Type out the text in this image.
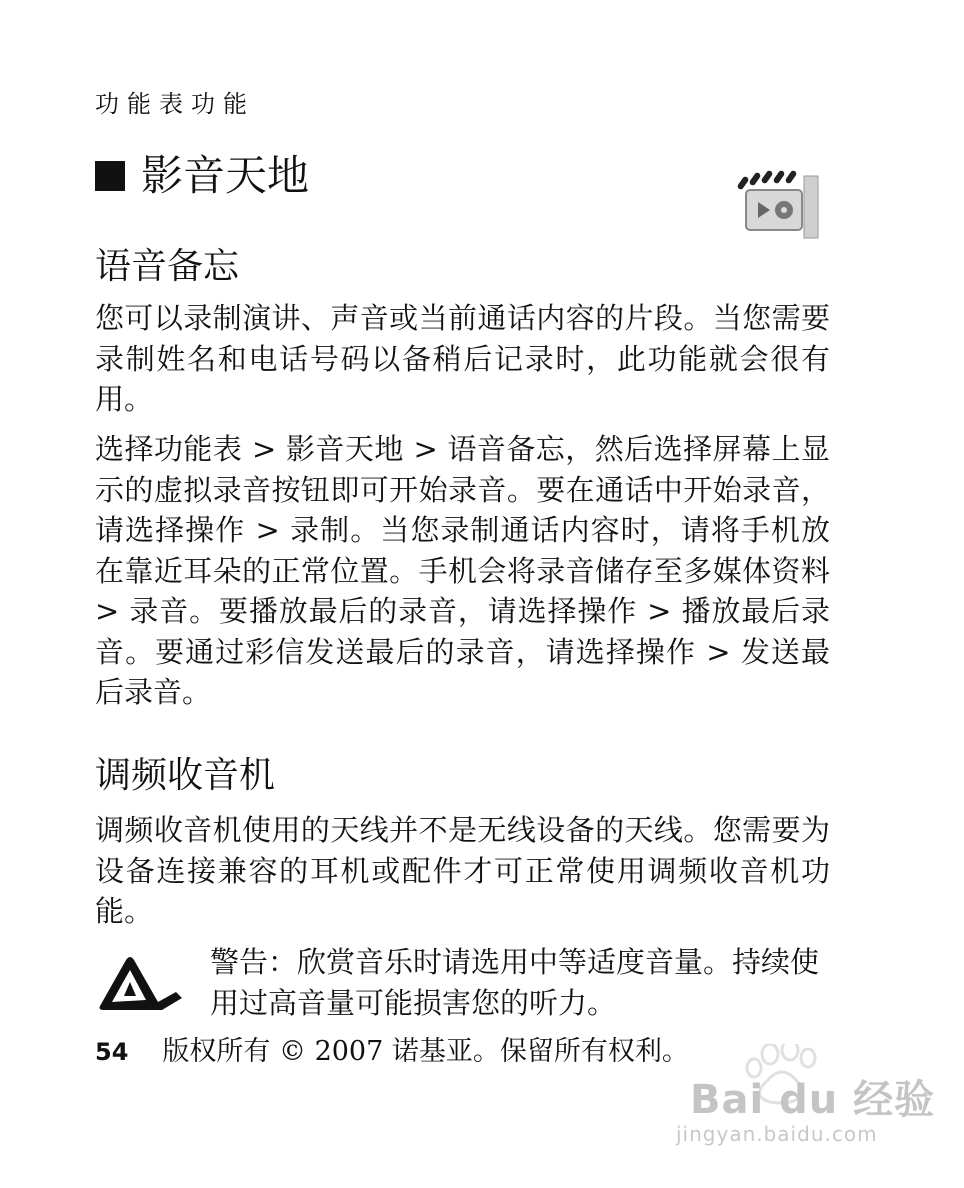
功能表功能
影音天地
语音备忘
您可以录制演讲、声音或当前通话内容的片段。当您需要录制姓名和电话号码以备稍后记录时，此功能就会很有用。
选择功能表 > 影音天地 > 语音备忘，然后选择屏幕上显示的虚拟录音按钮即可开始录音。要在通话中开始录音，请选择操作 > 录制。当您录制通话内容时，请将手机放在靠近耳朵的正常位置。手机会将录音储存至多媒体资料 > 录音。要播放最后的录音，请选择操作 > 播放最后录音。要通过彩信发送最后的录音，请选择操作 > 发送最后录音。
调频收音机
调频收音机使用的天线并不是无线设备的天线。您需要为设备连接兼容的耳机或配件才可正常使用调频收音机功能。
警告：欣赏音乐时请选用中等适度音量。持续使用过高音量可能损害您的听力。
54 版权所有 © 2007 诺基亚。保留所有权利。
Bai du 经验
jingyan.baidu.com
